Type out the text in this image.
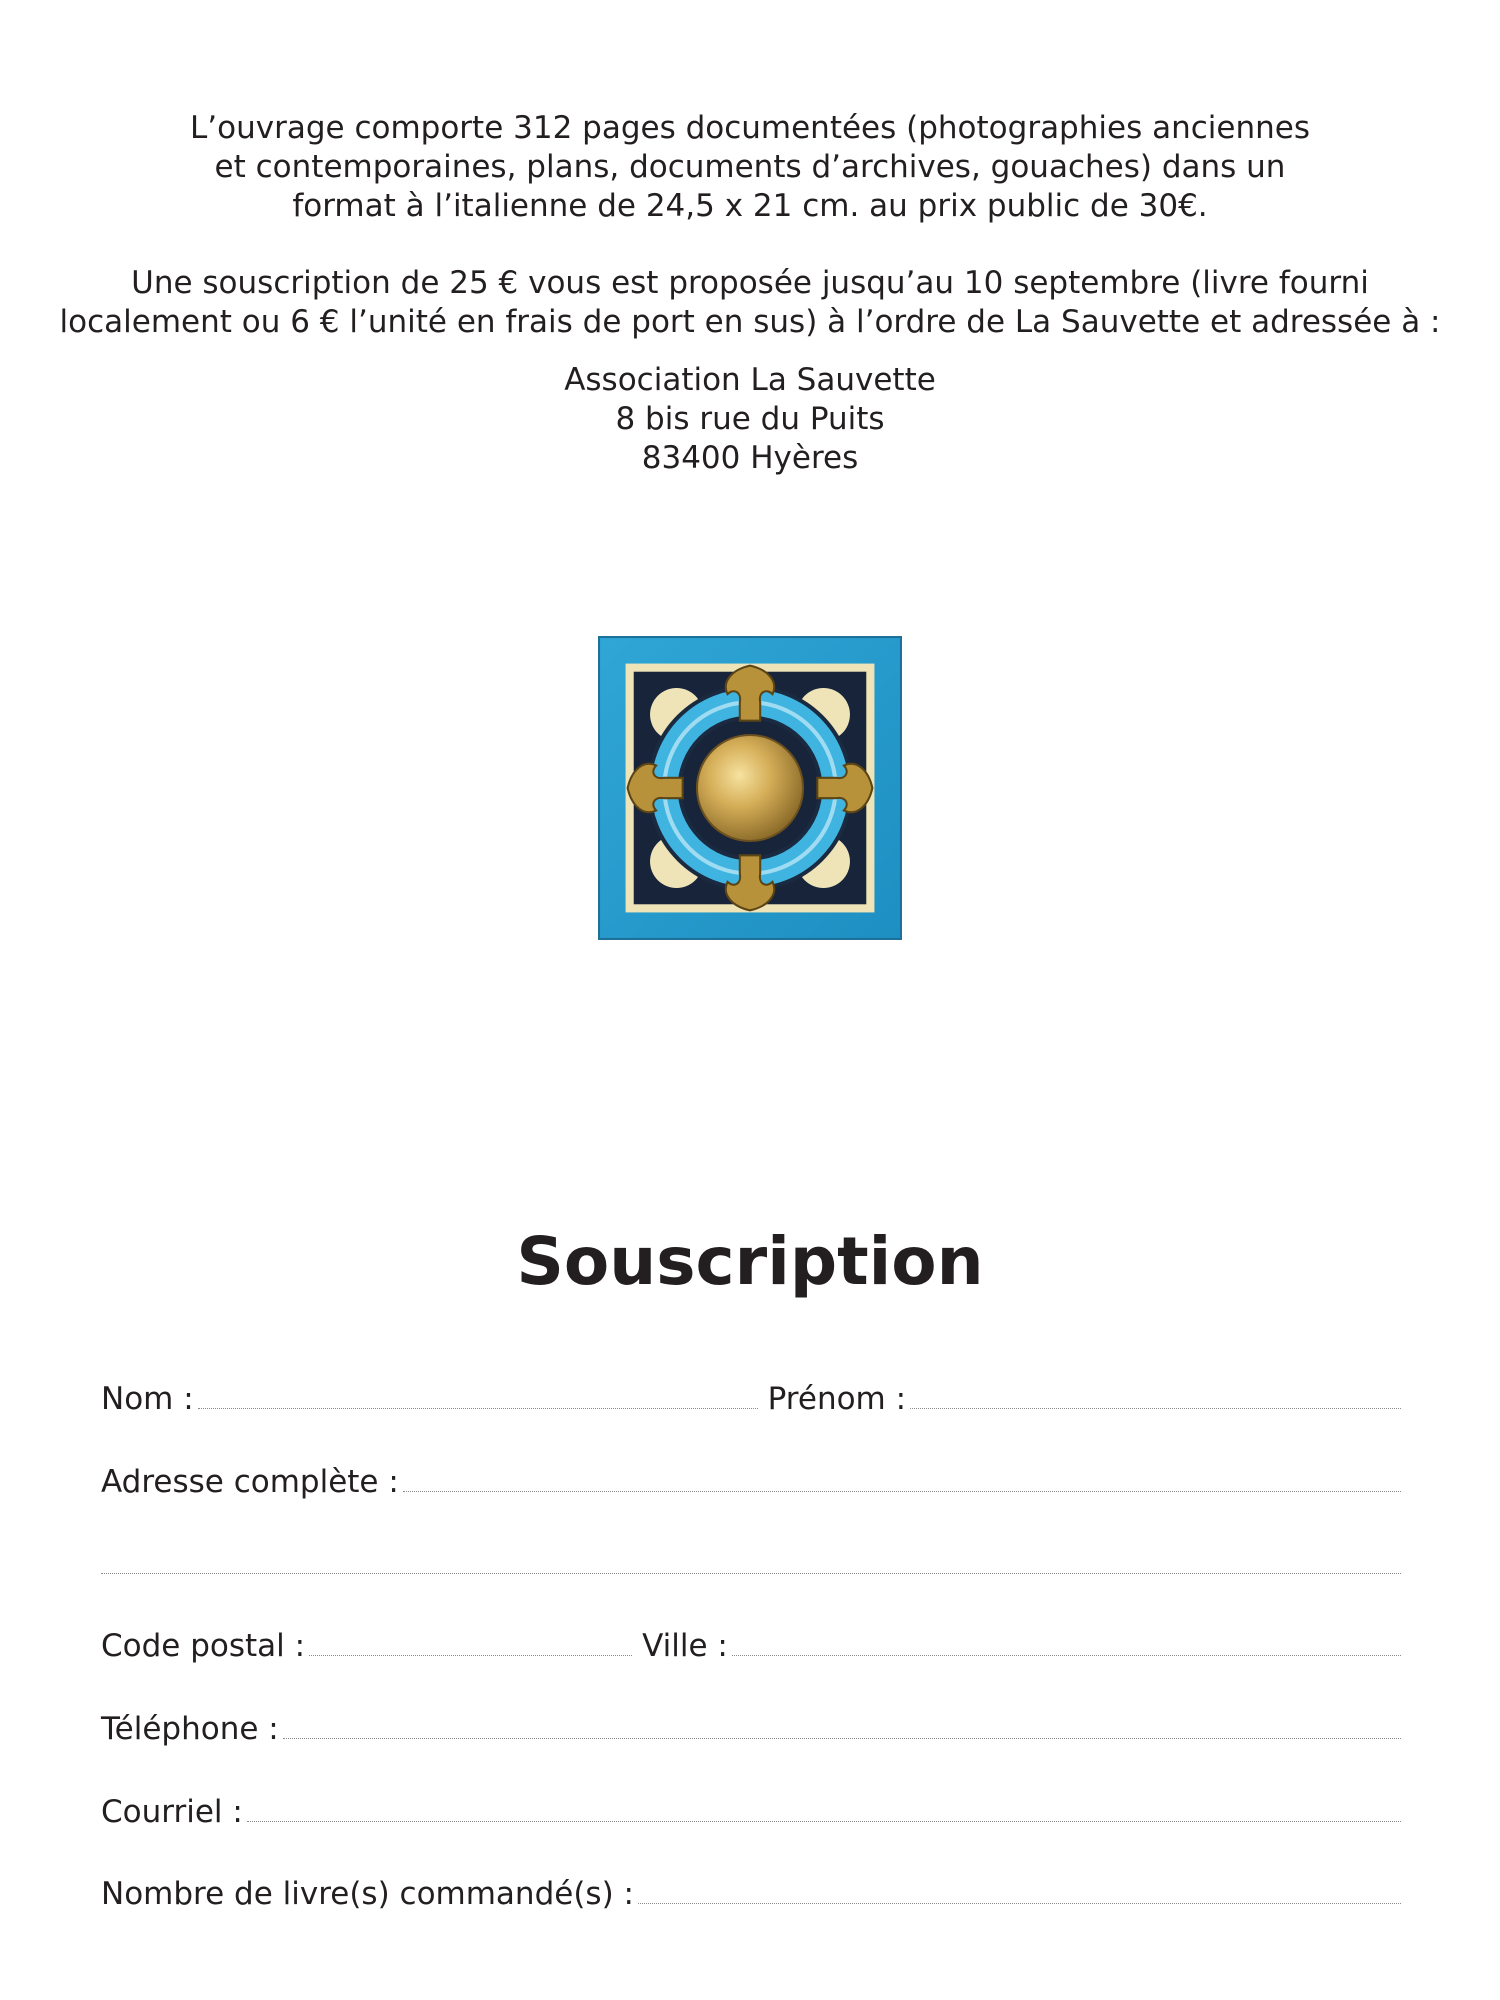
L’ouvrage comporte 312 pages documentées (photographies anciennes
et contemporaines, plans, documents d’archives, gouaches) dans un
format à l’italienne de 24,5 x 21 cm. au prix public de 30€.

Une souscription de 25 € vous est proposée jusqu’au 10 septembre (livre fourni
localement ou 6 € l’unité en frais de port en sus) à l’ordre de La Sauvette et adressée à :

Association La Sauvette
8 bis rue du Puits
83400 Hyères

Souscription
Nom :	Prénom :
Adresse complète :
Code postal :	Ville :
Téléphone :
Courriel :
Nombre de livre(s) commandé(s) :
